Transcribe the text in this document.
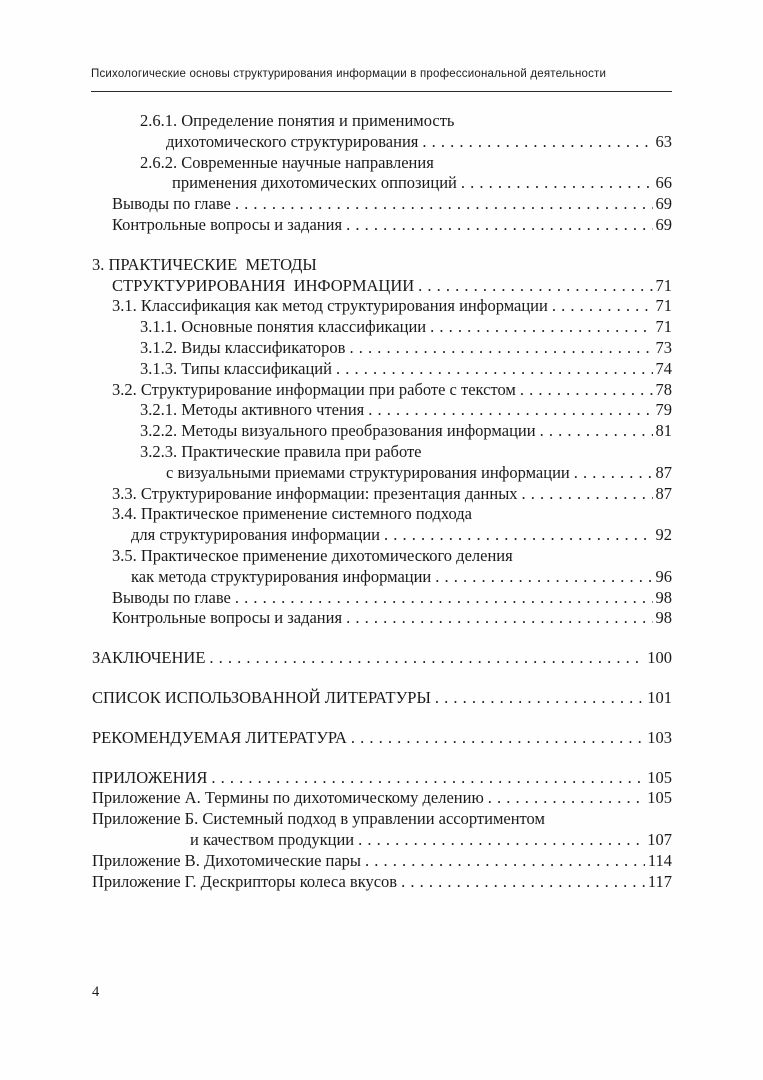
Психологические основы структурирования информации в профессиональной деятельности
2.6.1. Определение понятия и применимость
дихотомического структурирования . . .	63
2.6.2. Современные научные направления
применения дихотомических оппозиций . . .	66
Выводы по главе . . .	69
Контрольные вопросы и задания . . .	69
3. ПРАКТИЧЕСКИЕ  МЕТОДЫ
СТРУКТУРИРОВАНИЯ  ИНФОРМАЦИИ . . .	71
3.1. Классификация как метод структурирования информации . . .	71
3.1.1. Основные понятия классификации . . .	71
3.1.2. Виды классификаторов . . .	73
3.1.3. Типы классификаций . . .	74
3.2. Структурирование информации при работе с текстом . . .	78
3.2.1. Методы активного чтения . . .	79
3.2.2. Методы визуального преобразования информации . . .	81
3.2.3. Практические правила при работе
с визуальными приемами структурирования информации . . .	87
3.3. Структурирование информации: презентация данных . . .	87
3.4. Практическое применение системного подхода
для структурирования информации . . .	92
3.5. Практическое применение дихотомического деления
как метода структурирования информации . . .	96
Выводы по главе . . .	98
Контрольные вопросы и задания . . .	98
ЗАКЛЮЧЕНИЕ . . .	100
СПИСОК ИСПОЛЬЗОВАННОЙ ЛИТЕРАТУРЫ . . .	101
РЕКОМЕНДУЕМАЯ ЛИТЕРАТУРА . . .	103
ПРИЛОЖЕНИЯ . . .	105
Приложение А. Термины по дихотомическому делению . . .	105
Приложение Б. Системный подход в управлении ассортиментом
и качеством продукции . . .	107
Приложение В. Дихотомические пары . . .	114
Приложение Г. Дескрипторы колеса вкусов . . .	117
4
